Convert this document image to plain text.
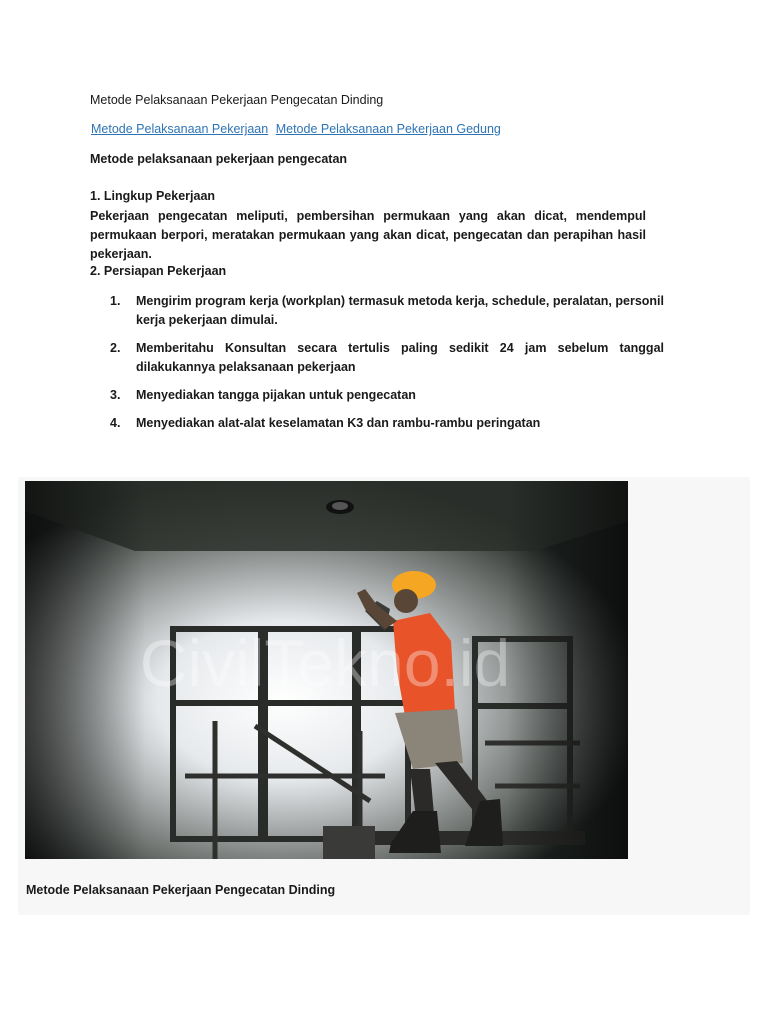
Metode Pelaksanaan Pekerjaan Pengecatan Dinding
Metode Pelaksanaan Pekerjaan Metode Pelaksanaan Pekerjaan Gedung
Metode pelaksanaan pekerjaan pengecatan
1. Lingkup Pekerjaan
Pekerjaan pengecatan meliputi, pembersihan permukaan yang akan dicat, mendempul permukaan berpori, meratakan permukaan yang akan dicat, pengecatan dan perapihan hasil pekerjaan.
2. Persiapan Pekerjaan
1. Mengirim program kerja (workplan) termasuk metoda kerja, schedule, peralatan, personil kerja pekerjaan dimulai.
2. Memberitahu Konsultan secara tertulis paling sedikit 24 jam sebelum tanggal dilakukannya pelaksanaan pekerjaan
3. Menyediakan tangga pijakan untuk pengecatan
4. Menyediakan alat-alat keselamatan K3 dan rambu-rambu peringatan
CivilTekno.id
Metode Pelaksanaan Pekerjaan Pengecatan Dinding
